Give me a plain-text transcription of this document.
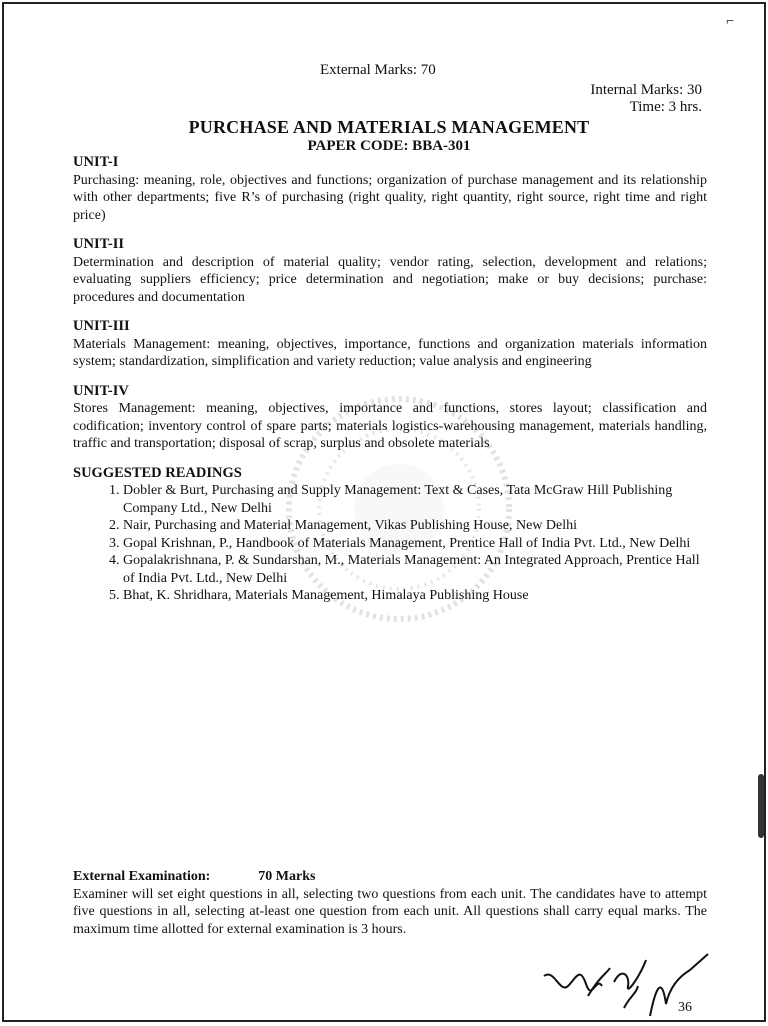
⌐
External Marks: 70
Internal Marks: 30
Time: 3 hrs.
PURCHASE AND MATERIALS MANAGEMENT
PAPER CODE: BBA-301

UNIT-I

Purchasing: meaning, role, objectives and functions; organization of purchase management and its relationship with other departments; five R’s of purchasing (right quality, right quantity, right source, right time and right price)

UNIT-II

Determination and description of material quality; vendor rating, selection, development and relations; evaluating suppliers efficiency; price determination and negotiation; make or buy decisions; purchase: procedures and documentation

UNIT-III

Materials Management: meaning, objectives, importance, functions and organization materials information system; standardization, simplification and variety reduction; value analysis and engineering

UNIT-IV

Stores Management: meaning, objectives, importance and functions, stores layout; classification and codification; inventory control of spare parts; materials logistics-warehousing management, materials handling, traffic and transportation; disposal of scrap, surplus and obsolete materials

SUGGESTED READINGS

1. Dobler & Burt, Purchasing and Supply Management: Text & Cases, Tata McGraw Hill Publishing Company Ltd., New Delhi
2. Nair, Purchasing and Material Management, Vikas Publishing House, New Delhi
3. Gopal Krishnan, P., Handbook of Materials Management, Prentice Hall of India Pvt. Ltd., New Delhi
4. Gopalakrishnana, P. & Sundarshan, M., Materials Management: An Integrated Approach, Prentice Hall of India Pvt. Ltd., New Delhi
5. Bhat, K. Shridhara, Materials Management, Himalaya Publishing House

External Examination:	70 Marks

Examiner will set eight questions in all, selecting two questions from each unit. The candidates have to attempt five questions in all, selecting at-least one question from each unit. All questions shall carry equal marks. The maximum time allotted for external examination is 3 hours.

36
